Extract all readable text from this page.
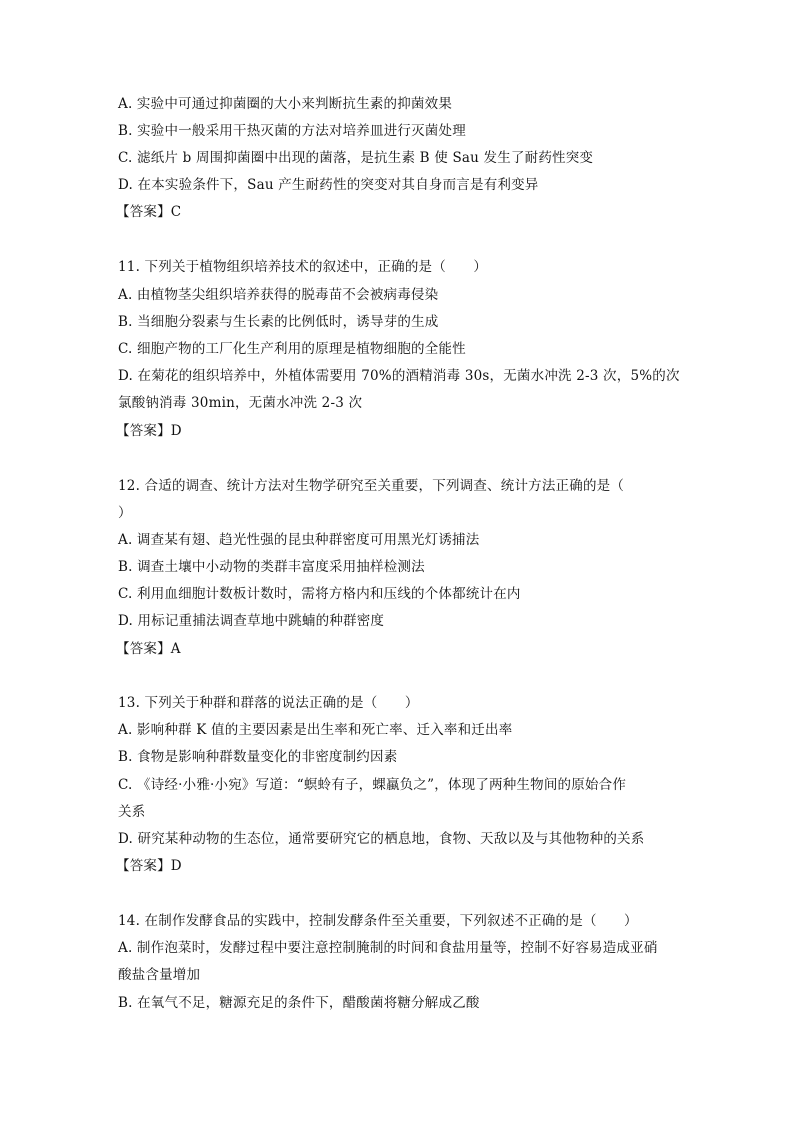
A. 实验中可通过抑菌圈的大小来判断抗生素的抑菌效果
B. 实验中一般采用干热灭菌的方法对培养皿进行灭菌处理
C. 滤纸片 b 周围抑菌圈中出现的菌落，是抗生素 B 使 Sau 发生了耐药性突变
D. 在本实验条件下，Sau 产生耐药性的突变对其自身而言是有利变异
【答案】C
11. 下列关于植物组织培养技术的叙述中，正确的是（　　）
A. 由植物茎尖组织培养获得的脱毒苗不会被病毒侵染
B. 当细胞分裂素与生长素的比例低时，诱导芽的生成
C. 细胞产物的工厂化生产利用的原理是植物细胞的全能性
D. 在菊花的组织培养中，外植体需要用 70%的酒精消毒 30s，无菌水冲洗 2-3 次，5%的次
氯酸钠消毒 30min，无菌水冲洗 2-3 次
【答案】D
12. 合适的调查、统计方法对生物学研究至关重要，下列调查、统计方法正确的是（
）
A. 调查某有翅、趋光性强的昆虫种群密度可用黑光灯诱捕法
B. 调查土壤中小动物的类群丰富度采用抽样检测法
C. 利用血细胞计数板计数时，需将方格内和压线的个体都统计在内
D. 用标记重捕法调查草地中跳蝻的种群密度
【答案】A
13. 下列关于种群和群落的说法正确的是（　　）
A. 影响种群 K 值的主要因素是出生率和死亡率、迁入率和迁出率
B. 食物是影响种群数量变化的非密度制约因素
C. 《诗经·小雅·小宛》写道：“螟蛉有子，蜾蠃负之”，体现了两种生物间的原始合作
关系
D. 研究某种动物的生态位，通常要研究它的栖息地，食物、天敌以及与其他物种的关系
【答案】D
14. 在制作发酵食品的实践中，控制发酵条件至关重要，下列叙述不正确的是（　　）
A. 制作泡菜时，发酵过程中要注意控制腌制的时间和食盐用量等，控制不好容易造成亚硝
酸盐含量增加
B. 在氧气不足，糖源充足的条件下，醋酸菌将糖分解成乙酸
